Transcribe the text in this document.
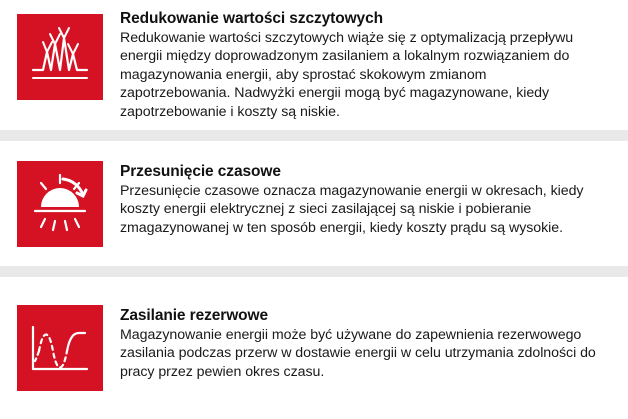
Redukowanie wartości szczytowych

Redukowanie wartości szczytowych wiąże się z optymalizacją przepływu energii między doprowadzonym zasilaniem a lokalnym rozwiązaniem do magazynowania energii, aby sprostać skokowym zmianom zapotrzebowania. Nadwyżki energii mogą być magazynowane, kiedy zapotrzebowanie i koszty są niskie.

Przesunięcie czasowe

Przesunięcie czasowe oznacza magazynowanie energii w okresach, kiedy koszty energii elektrycznej z sieci zasilającej są niskie i pobieranie zmagazynowanej w ten sposób energii, kiedy koszty prądu są wysokie.

Zasilanie rezerwowe

Magazynowanie energii może być używane do zapewnienia rezerwowego zasilania podczas przerw w dostawie energii w celu utrzymania zdolności do pracy przez pewien okres czasu.
